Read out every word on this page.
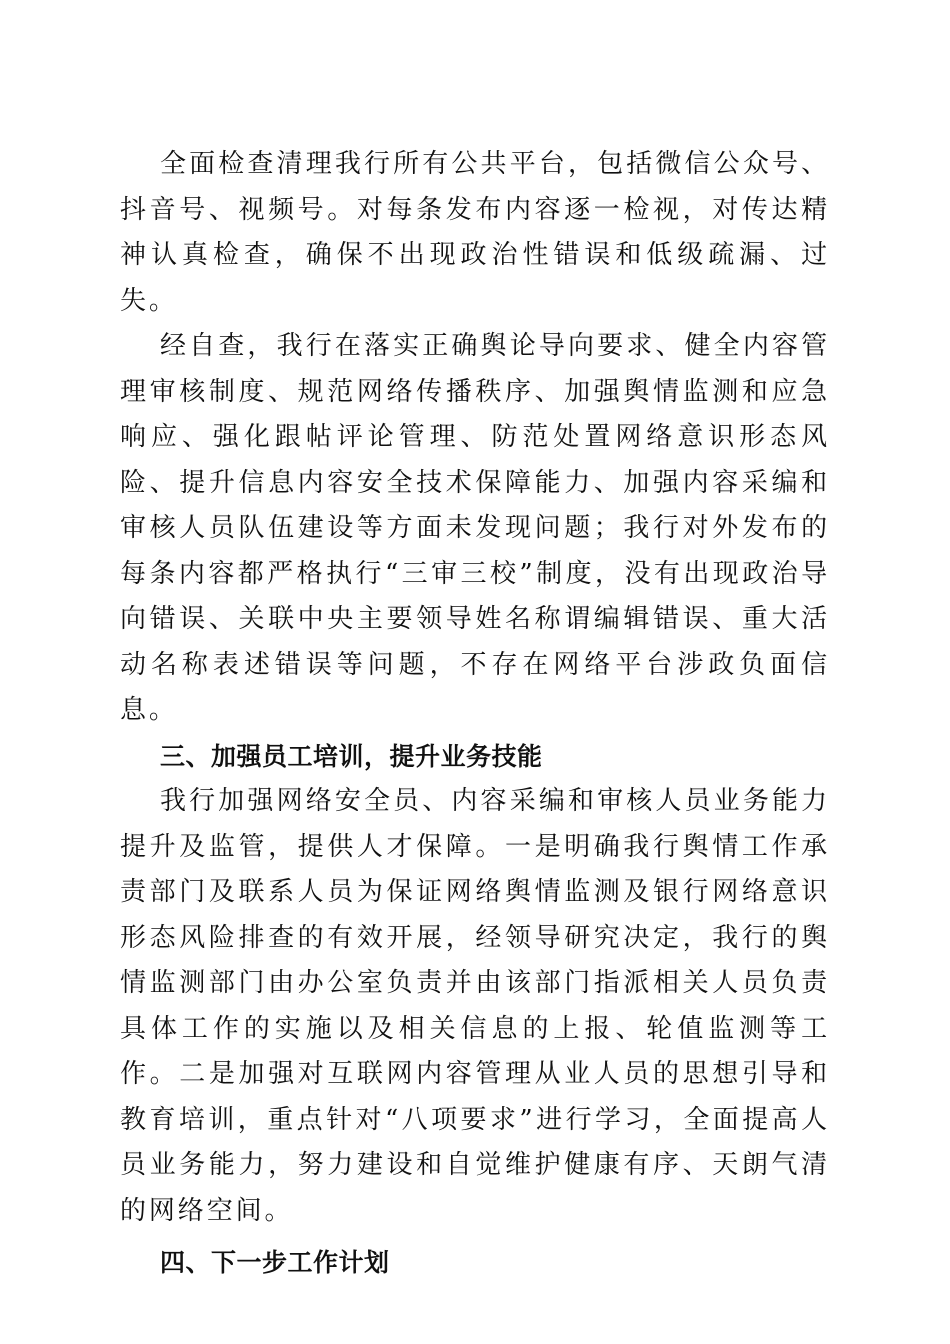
全面检查清理我行所有公共平台，包括微信公众号、抖音号、视频号。对每条发布内容逐一检视，对传达精神认真检查，确保不出现政治性错误和低级疏漏、过失。

经自查，我行在落实正确舆论导向要求、健全内容管理审核制度、规范网络传播秩序、加强舆情监测和应急响应、强化跟帖评论管理、防范处置网络意识形态风险、提升信息内容安全技术保障能力、加强内容采编和审核人员队伍建设等方面未发现问题；我行对外发布的每条内容都严格执行“三审三校”制度，没有出现政治导向错误、关联中央主要领导姓名称谓编辑错误、重大活动名称表述错误等问题，不存在网络平台涉政负面信息。

三、加强员工培训，提升业务技能

我行加强网络安全员、内容采编和审核人员业务能力提升及监管，提供人才保障。一是明确我行舆情工作承责部门及联系人员为保证网络舆情监测及银行网络意识形态风险排查的有效开展，经领导研究决定，我行的舆情监测部门由办公室负责并由该部门指派相关人员负责具体工作的实施以及相关信息的上报、轮值监测等工作。二是加强对互联网内容管理从业人员的思想引导和教育培训，重点针对“八项要求”进行学习，全面提高人员业务能力，努力建设和自觉维护健康有序、天朗气清的网络空间。

四、下一步工作计划
